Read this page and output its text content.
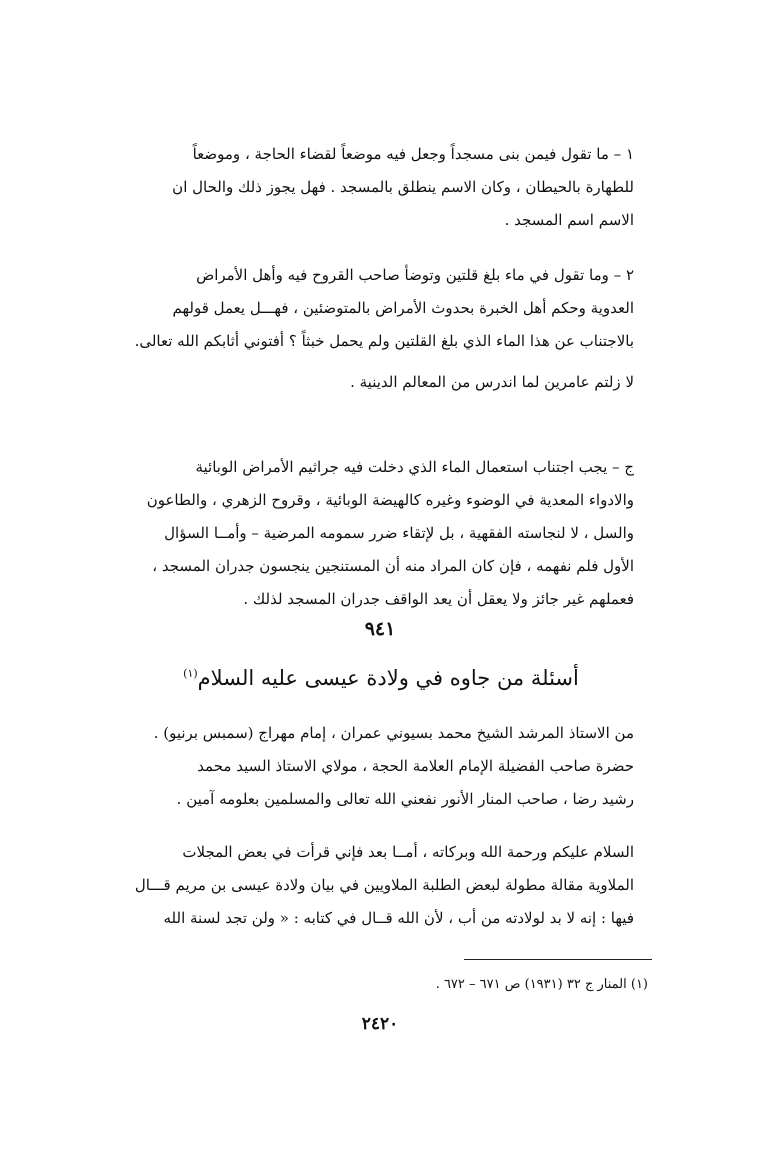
١ – ما تقول فيمن بنى مسجداً وجعل فيه موضعاً لقضاء الحاجة ، وموضعاً
للطهارة بالحيطان ، وكان الاسم ينطلق بالمسجد . فهل يجوز ذلك والحال ان
الاسم اسم المسجد .
٢ – وما تقول في ماء بلغ قلتين وتوضأ صاحب القروح فيه وأهل الأمراض
العدوية وحكم أهل الخبرة بحدوث الأمراض بالمتوضئين ، فهـــل يعمل قولهم
بالاجتناب عن هذا الماء الذي بلغ القلتين ولم يحمل خبثاً ؟ أفتوني أثابكم الله تعالى.
لا زلتم عامرين لما اندرس من المعالم الدينية .
ج – يجب اجتناب استعمال الماء الذي دخلت فيه جراثيم الأمراض الوبائية
والادواء المعدية في الوضوء وغيره كالهيضة الوبائية ، وقروح الزهري ، والطاعون
والسل ، لا لنجاسته الفقهية ، بل لإتقاء ضرر سمومه المرضية – وأمــا السؤال
الأول فلم نفهمه ، فإن كان المراد منه أن المستنجين ينجسون جدران المسجد ،
فعملهم غير جائز ولا يعقل أن يعد الواقف جدران المسجد لذلك .
٩٤١
أسئلة من جاوه في ولادة عيسى عليه السلام$^{(١)}$
من الاستاذ المرشد الشيخ محمد بسيوني عمران ، إمام مهراج (سمبس برنيو) .
حضرة صاحب الفضيلة الإمام العلامة الحجة ، مولاي الاستاذ السيد محمد
رشيد رضا ، صاحب المنار الأنور نفعني الله تعالى والمسلمين بعلومه آمين .
السلام عليكم ورحمة الله وبركاته ، أمــا بعد فإني قرأت في بعض المجلات
الملاوية مقالة مطولة لبعض الطلبة الملاويين في بيان ولادة عيسى بن مريم قـــال
فيها : إنه لا بد لولادته من أب ، لأن الله قــال في كتابه : « ولن تجد لسنة الله
(١) المنار ج ٣٢ (١٩٣١) ص ٦٧١ – ٦٧٢ .
٢٤٢٠
